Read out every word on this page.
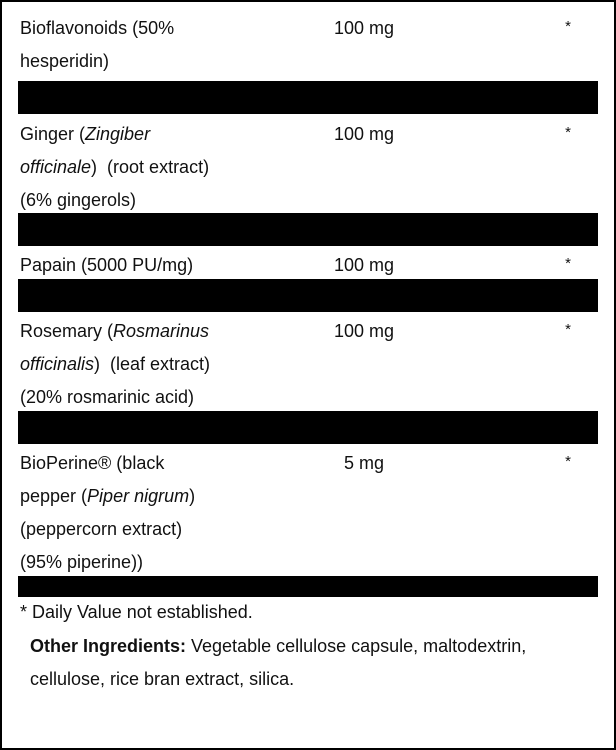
Bioflavonoids (50%
hesperidin)
100 mg	*
Ginger (Zingiber
officinale)  (root extract)
(6% gingerols)
100 mg	*
Papain (5000 PU/mg)	100 mg	*
Rosemary (Rosmarinus
officinalis)  (leaf extract)
(20% rosmarinic acid)
100 mg	*
BioPerine® (black
pepper (Piper nigrum)
(peppercorn extract)
(95% piperine))
5 mg	*
* Daily Value not established.
Other Ingredients: Vegetable cellulose capsule, maltodextrin, cellulose, rice bran extract, silica.
